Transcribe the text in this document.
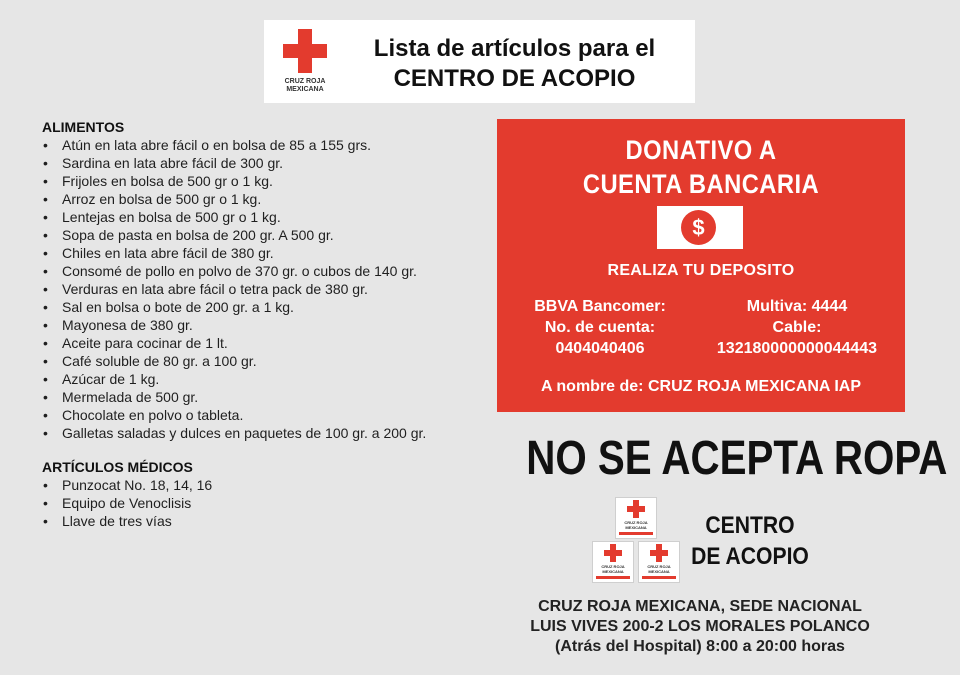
CRUZ ROJA MEXICANA
Lista de artículos para el
CENTRO DE ACOPIO
ALIMENTOS
• Atún en lata abre fácil o en bolsa de 85 a 155 grs.
• Sardina en lata abre fácil de 300 gr.
• Frijoles en bolsa de 500 gr o 1 kg.
• Arroz en bolsa de 500 gr o 1 kg.
• Lentejas en bolsa de 500 gr o 1 kg.
• Sopa de pasta en bolsa de 200 gr. A 500 gr.
• Chiles en lata abre fácil de 380 gr.
• Consomé de pollo en polvo de 370 gr. o cubos de 140 gr.
• Verduras en lata abre fácil o tetra pack de 380 gr.
• Sal en bolsa o bote de 200 gr. a 1 kg.
• Mayonesa de 380 gr.
• Aceite para cocinar de 1 lt.
• Café soluble de 80 gr. a 100 gr.
• Azúcar de 1 kg.
• Mermelada de 500 gr.
• Chocolate en polvo o tableta.
• Galletas saladas y dulces en paquetes de 100 gr. a 200 gr.
ARTÍCULOS MÉDICOS
• Punzocat No. 18, 14, 16
• Equipo de Venoclisis
• Llave de tres vías
DONATIVO A
CUENTA BANCARIA
$
REALIZA TU DEPOSITO
BBVA Bancomer:
No. de cuenta:
0404040406
Multiva: 4444
Cable:
132180000000044443
A nombre de: CRUZ ROJA MEXICANA IAP
NO SE ACEPTA ROPA
CRUZ ROJA MEXICANA
CRUZ ROJA MEXICANA
CRUZ ROJA MEXICANA
CENTRO
DE ACOPIO
CRUZ ROJA MEXICANA, SEDE NACIONAL
LUIS VIVES 200-2 LOS MORALES POLANCO
(Atrás del Hospital) 8:00 a 20:00 horas
